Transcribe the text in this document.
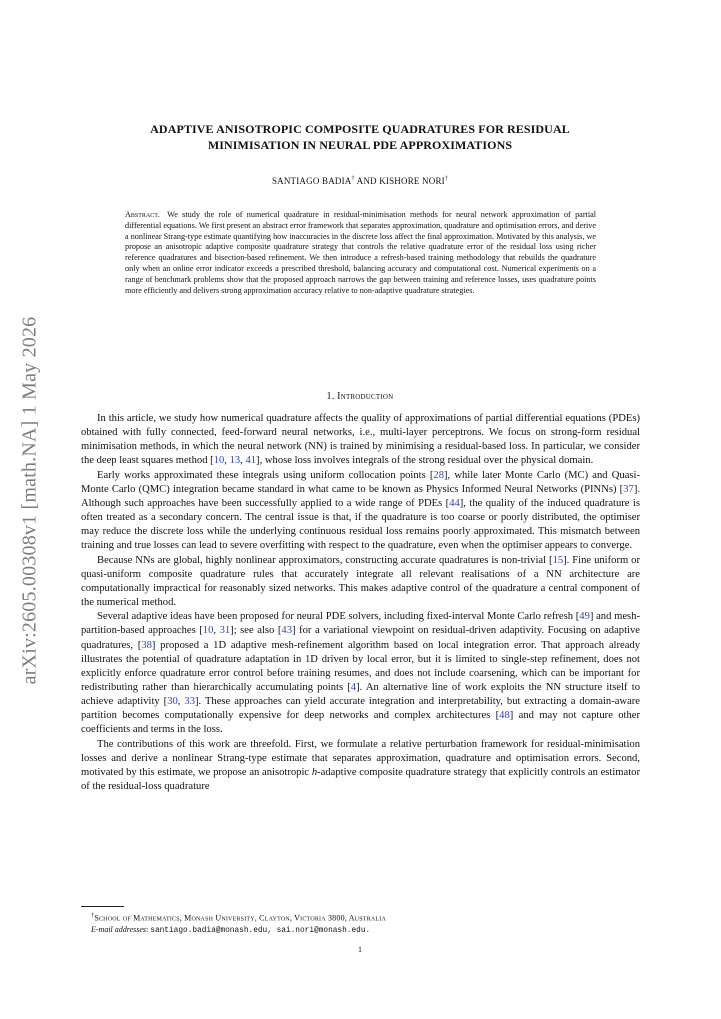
arXiv:2605.00308v1 [math.NA] 1 May 2026
ADAPTIVE ANISOTROPIC COMPOSITE QUADRATURES FOR RESIDUAL
MINIMISATION IN NEURAL PDE APPROXIMATIONS
SANTIAGO BADIA† AND KISHORE NORI†
Abstract. We study the role of numerical quadrature in residual-minimisation methods for neural network approximation of partial differential equations. We first present an abstract error framework that separates approximation, quadrature and optimisation errors, and derive a nonlinear Strang-type estimate quantifying how inaccuracies in the discrete loss affect the final approximation. Motivated by this analysis, we propose an anisotropic adaptive composite quadrature strategy that controls the relative quadrature error of the residual loss using richer reference quadratures and bisection-based refinement. We then introduce a refresh-based training methodology that rebuilds the quadrature only when an online error indicator exceeds a prescribed threshold, balancing accuracy and computational cost. Numerical experiments on a range of benchmark problems show that the proposed approach narrows the gap between training and reference losses, uses quadrature points more efficiently and delivers strong approximation accuracy relative to non-adaptive quadrature strategies.
1. Introduction

In this article, we study how numerical quadrature affects the quality of approximations of partial differential equations (PDEs) obtained with fully connected, feed-forward neural networks, i.e., multi-layer perceptrons. We focus on strong-form residual minimisation methods, in which the neural network (NN) is trained by minimising a residual-based loss. In particular, we consider the deep least squares method [10, 13, 41], whose loss involves integrals of the strong residual over the physical domain.

Early works approximated these integrals using uniform collocation points [28], while later Monte Carlo (MC) and Quasi-Monte Carlo (QMC) integration became standard in what came to be known as Physics Informed Neural Networks (PINNs) [37]. Although such approaches have been successfully applied to a wide range of PDEs [44], the quality of the induced quadrature is often treated as a secondary concern. The central issue is that, if the quadrature is too coarse or poorly distributed, the optimiser may reduce the discrete loss while the underlying continuous residual loss remains poorly approximated. This mismatch between training and true losses can lead to severe overfitting with respect to the quadrature, even when the optimiser appears to converge.

Because NNs are global, highly nonlinear approximators, constructing accurate quadratures is non-trivial [15]. Fine uniform or quasi-uniform composite quadrature rules that accurately integrate all relevant realisations of a NN architecture are computationally impractical for reasonably sized networks. This makes adaptive control of the quadrature a central component of the numerical method.

Several adaptive ideas have been proposed for neural PDE solvers, including fixed-interval Monte Carlo refresh [49] and mesh-partition-based approaches [10, 31]; see also [43] for a variational viewpoint on residual-driven adaptivity. Focusing on adaptive quadratures, [38] proposed a 1D adaptive mesh-refinement algorithm based on local integration error. That approach already illustrates the potential of quadrature adaptation in 1D driven by local error, but it is limited to single-step refinement, does not explicitly enforce quadrature error control before training resumes, and does not include coarsening, which can be important for redistributing rather than hierarchically accumulating points [4]. An alternative line of work exploits the NN structure itself to achieve adaptivity [30, 33]. These approaches can yield accurate integration and interpretability, but extracting a domain-aware partition becomes computationally expensive for deep networks and complex architectures [48] and may not capture other coefficients and terms in the loss.

The contributions of this work are threefold. First, we formulate a relative perturbation framework for residual-minimisation losses and derive a nonlinear Strang-type estimate that separates approximation, quadrature and optimisation errors. Second, motivated by this estimate, we propose an anisotropic h-adaptive composite quadrature strategy that explicitly controls an estimator of the residual-loss quadrature

†School of Mathematics, Monash University, Clayton, Victoria 3800, Australia
E-mail addresses: santiago.badia@monash.edu, sai.nori@monash.edu.
1
